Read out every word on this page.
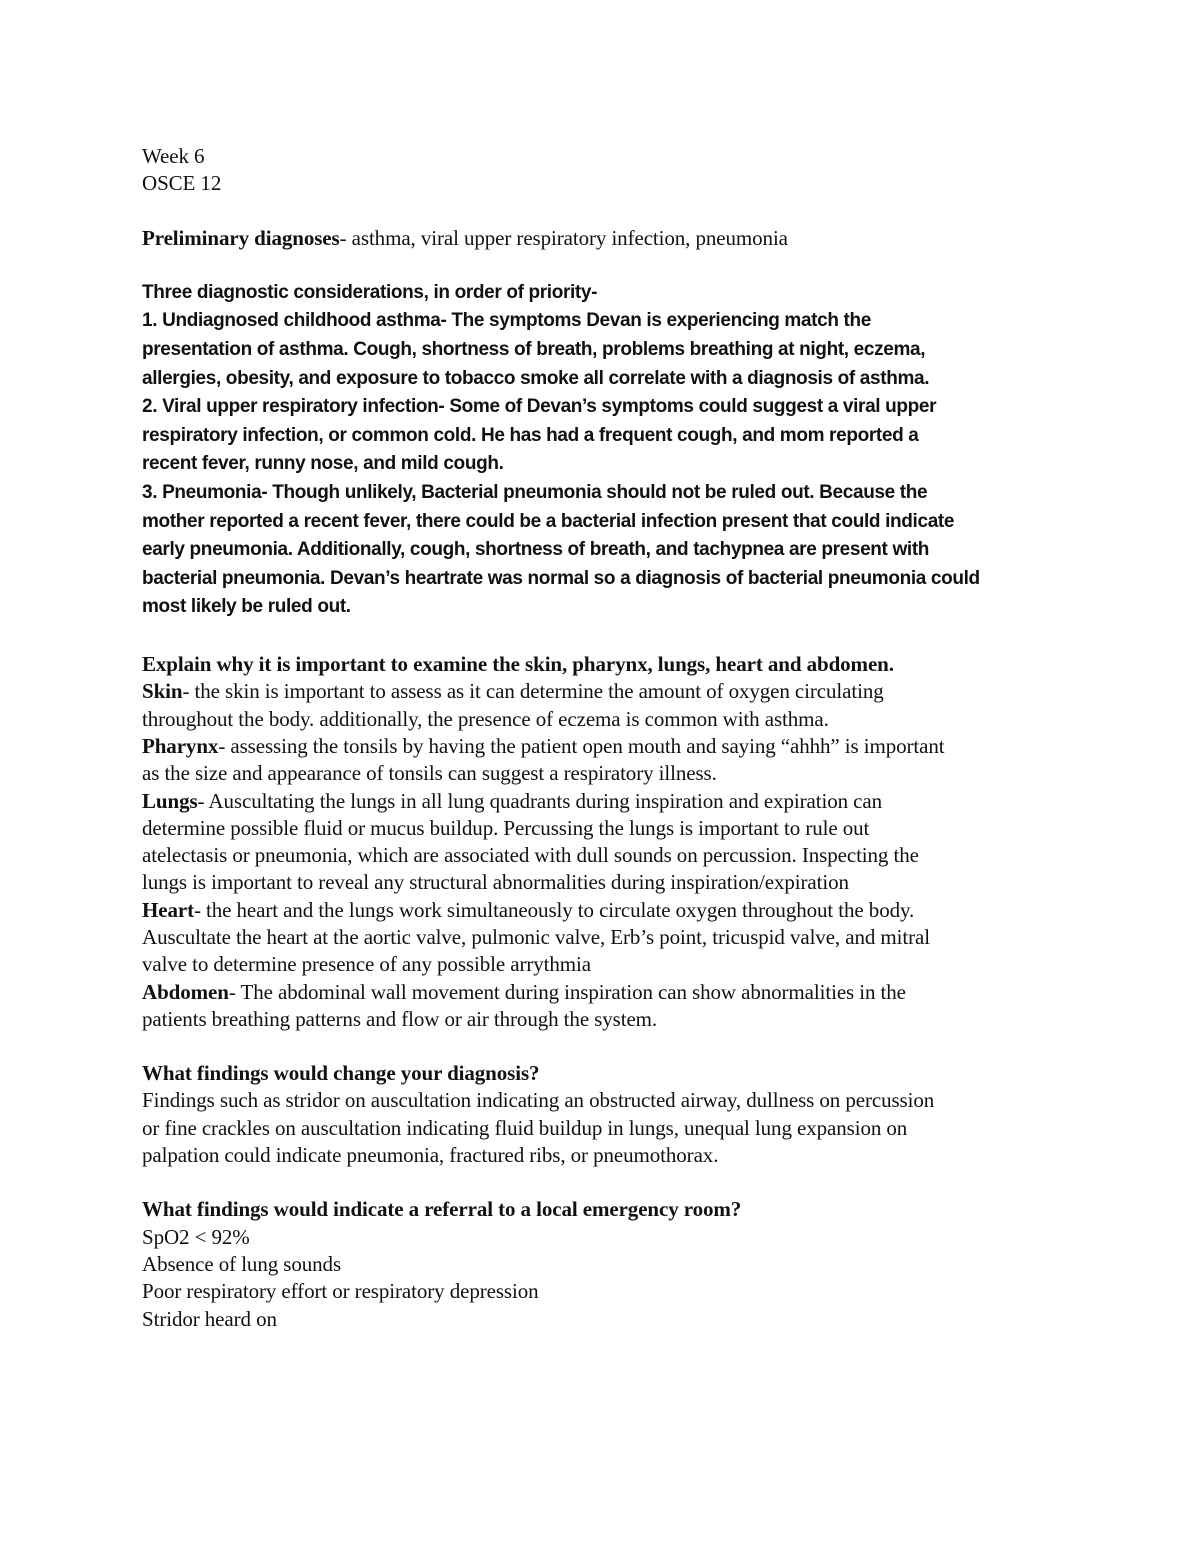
Week 6

OSCE 12

Preliminary diagnoses- asthma, viral upper respiratory infection, pneumonia

Three diagnostic considerations, in order of priority-

1. Undiagnosed childhood asthma- The symptoms Devan is experiencing match the

presentation of asthma. Cough, shortness of breath, problems breathing at night, eczema,

allergies, obesity, and exposure to tobacco smoke all correlate with a diagnosis of asthma.

2. Viral upper respiratory infection- Some of Devan’s symptoms could suggest a viral upper

respiratory infection, or common cold. He has had a frequent cough, and mom reported a

recent fever, runny nose, and mild cough.

3. Pneumonia- Though unlikely, Bacterial pneumonia should not be ruled out. Because the

mother reported a recent fever, there could be a bacterial infection present that could indicate

early pneumonia. Additionally, cough, shortness of breath, and tachypnea are present with

bacterial pneumonia. Devan’s heartrate was normal so a diagnosis of bacterial pneumonia could

most likely be ruled out.

Explain why it is important to examine the skin, pharynx, lungs, heart and abdomen.

Skin- the skin is important to assess as it can determine the amount of oxygen circulating

throughout the body. additionally, the presence of eczema is common with asthma.

Pharynx- assessing the tonsils by having the patient open mouth and saying “ahhh” is important

as the size and appearance of tonsils can suggest a respiratory illness.

Lungs- Auscultating the lungs in all lung quadrants during inspiration and expiration can

determine possible fluid or mucus buildup. Percussing the lungs is important to rule out

atelectasis or pneumonia, which are associated with dull sounds on percussion. Inspecting the

lungs is important to reveal any structural abnormalities during inspiration/expiration

Heart- the heart and the lungs work simultaneously to circulate oxygen throughout the body.

Auscultate the heart at the aortic valve, pulmonic valve, Erb’s point, tricuspid valve, and mitral

valve to determine presence of any possible arrythmia

Abdomen- The abdominal wall movement during inspiration can show abnormalities in the

patients breathing patterns and flow or air through the system.

What findings would change your diagnosis?

Findings such as stridor on auscultation indicating an obstructed airway, dullness on percussion

or fine crackles on auscultation indicating fluid buildup in lungs, unequal lung expansion on

palpation could indicate pneumonia, fractured ribs, or pneumothorax.

What findings would indicate a referral to a local emergency room?

SpO2 < 92%

Absence of lung sounds

Poor respiratory effort or respiratory depression

Stridor heard on
